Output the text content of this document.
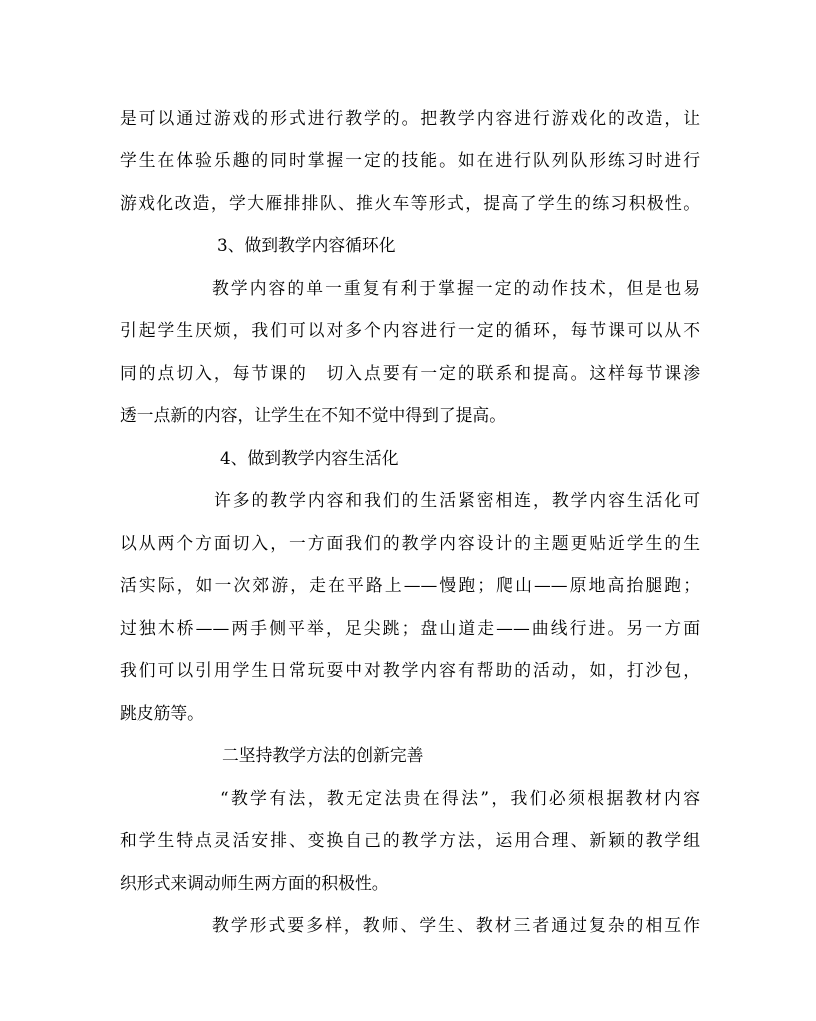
是可以通过游戏的形式进行教学的。把教学内容进行游戏化的改造，让
学生在体验乐趣的同时掌握一定的技能。如在进行队列队形练习时进行
游戏化改造，学大雁排排队、推火车等形式，提高了学生的练习积极性。
3、做到教学内容循环化
教学内容的单一重复有利于掌握一定的动作技术，但是也易
引起学生厌烦，我们可以对多个内容进行一定的循环，每节课可以从不
同的点切入，每节课的　切入点要有一定的联系和提高。这样每节课渗
透一点新的内容，让学生在不知不觉中得到了提高。
4、做到教学内容生活化
许多的教学内容和我们的生活紧密相连，教学内容生活化可
以从两个方面切入，一方面我们的教学内容设计的主题更贴近学生的生
活实际，如一次郊游，走在平路上——慢跑；爬山——原地高抬腿跑；
过独木桥——两手侧平举，足尖跳；盘山道走——曲线行进。另一方面
我们可以引用学生日常玩耍中对教学内容有帮助的活动，如，打沙包，
跳皮筋等。
二坚持教学方法的创新完善
“教学有法，教无定法贵在得法”，我们必须根据教材内容
和学生特点灵活安排、变换自己的教学方法，运用合理、新颖的教学组
织形式来调动师生两方面的积极性。
教学形式要多样，教师、学生、教材三者通过复杂的相互作
